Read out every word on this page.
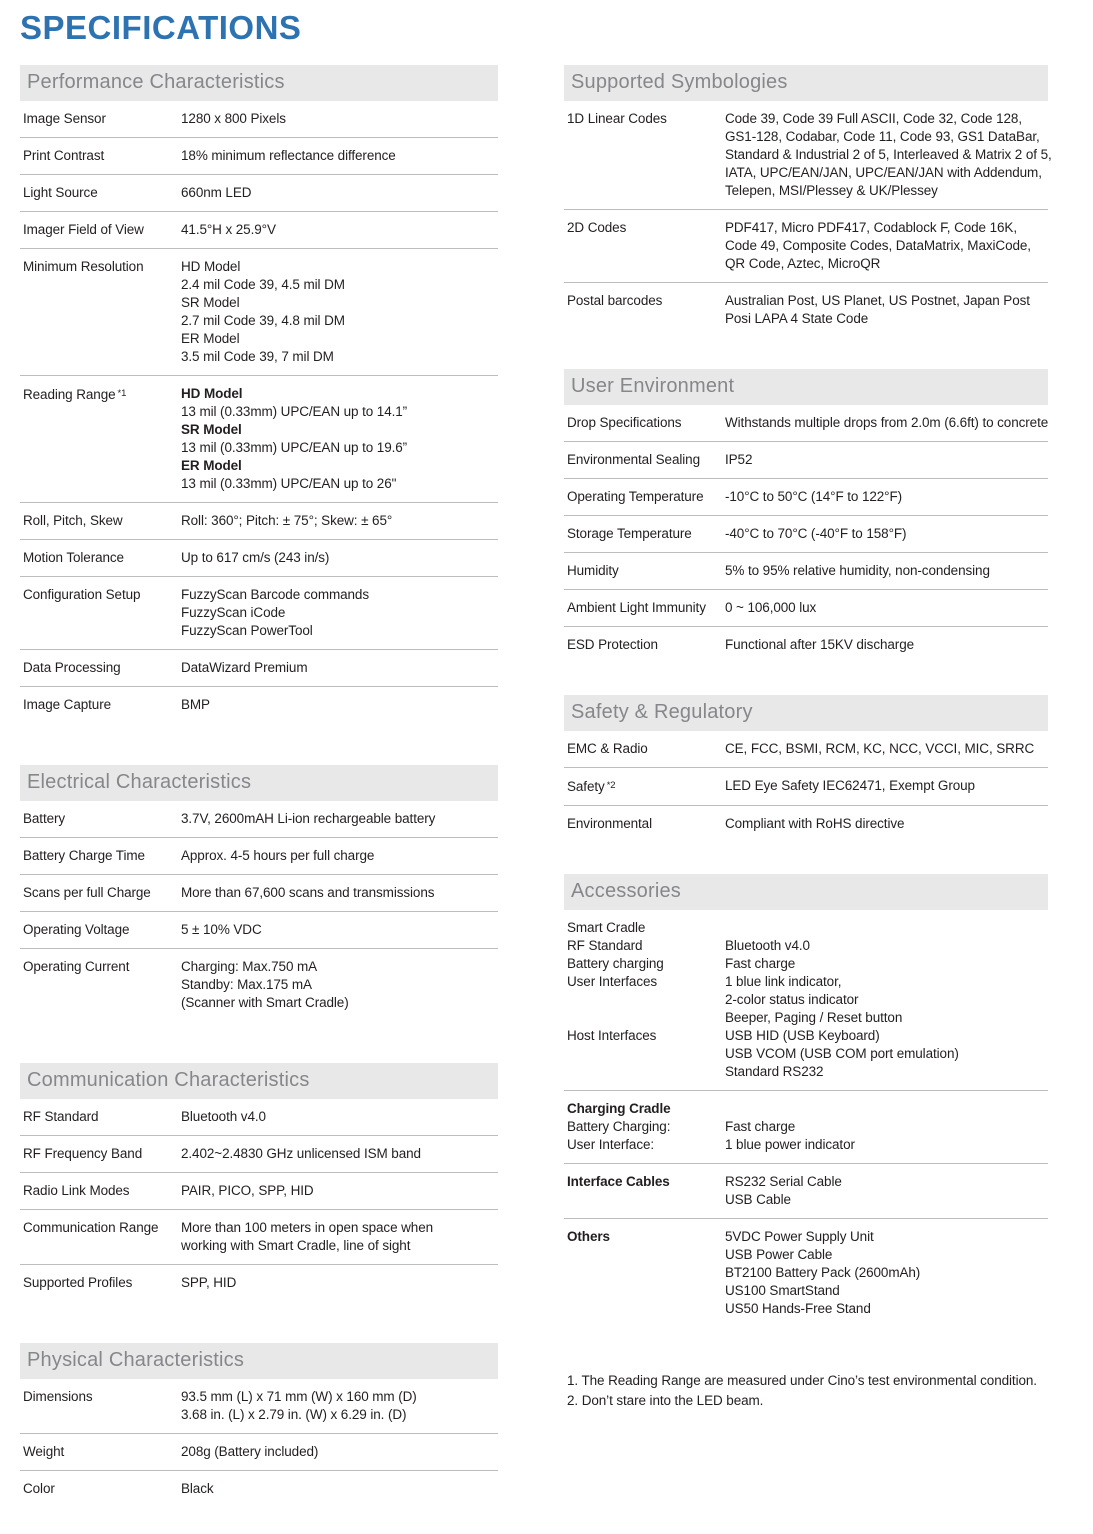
SPECIFICATIONS
Performance Characteristics
Image Sensor	1280 x 800 Pixels
Print Contrast	18% minimum reflectance difference
Light Source	660nm LED
Imager Field of View	41.5°H x 25.9°V
Minimum Resolution	HD Model
2.4 mil Code 39, 4.5 mil DM
SR Model
2.7 mil Code 39, 4.8 mil DM
ER Model
3.5 mil Code 39, 7 mil DM
Reading Range $^{*1}$	HD Model
13 mil (0.33mm) UPC/EAN up to 14.1”
SR Model
13 mil (0.33mm) UPC/EAN up to 19.6”
ER Model
13 mil (0.33mm) UPC/EAN up to 26"
Roll, Pitch, Skew	Roll: 360°; Pitch: ± 75°; Skew: ± 65°
Motion Tolerance	Up to 617 cm/s (243 in/s)
Configuration Setup	FuzzyScan Barcode commands
FuzzyScan iCode
FuzzyScan PowerTool
Data Processing	DataWizard Premium
Image Capture	BMP
Electrical Characteristics
Battery	3.7V, 2600mAH Li-ion rechargeable battery
Battery Charge Time	Approx. 4-5 hours per full charge
Scans per full Charge	More than 67,600 scans and transmissions
Operating Voltage	5 ± 10% VDC
Operating Current	Charging: Max.750 mA
Standby: Max.175 mA
(Scanner with Smart Cradle)
Communication Characteristics
RF Standard	Bluetooth v4.0
RF Frequency Band	2.402~2.4830 GHz unlicensed ISM band
Radio Link Modes	PAIR, PICO, SPP, HID
Communication Range	More than 100 meters in open space when
working with Smart Cradle, line of sight
Supported Profiles	SPP, HID
Physical Characteristics
Dimensions	93.5 mm (L) x 71 mm (W) x 160 mm (D)
3.68 in. (L) x 2.79 in. (W) x 6.29 in. (D)
Weight	208g (Battery included)
Color	Black
Supported Symbologies
1D Linear Codes	Code 39, Code 39 Full ASCII, Code 32, Code 128,
GS1-128, Codabar, Code 11, Code 93, GS1 DataBar,
Standard & Industrial 2 of 5, Interleaved & Matrix 2 of 5,
IATA, UPC/EAN/JAN, UPC/EAN/JAN with Addendum,
Telepen, MSI/Plessey & UK/Plessey
2D Codes	PDF417, Micro PDF417, Codablock F, Code 16K,
Code 49, Composite Codes, DataMatrix, MaxiCode,
QR Code, Aztec, MicroQR
Postal barcodes	Australian Post, US Planet, US Postnet, Japan Post
Posi LAPA 4 State Code
User Environment
Drop Specifications	Withstands multiple drops from 2.0m (6.6ft) to concrete
Environmental Sealing	IP52
Operating Temperature	-10°C to 50°C (14°F to 122°F)
Storage Temperature	-40°C to 70°C (-40°F to 158°F)
Humidity	5% to 95% relative humidity, non-condensing
Ambient Light Immunity	0 ~ 106,000 lux
ESD Protection	Functional after 15KV discharge
Safety & Regulatory
EMC & Radio	CE, FCC, BSMI, RCM, KC, NCC, VCCI, MIC, SRRC
Safety $^{*2}$	LED Eye Safety IEC62471, Exempt Group
Environmental	Compliant with RoHS directive
Accessories
Smart Cradle
RF Standard	Bluetooth v4.0
Battery charging	Fast charge
User Interfaces	1 blue link indicator,
2-color status indicator
Beeper, Paging / Reset button
Host Interfaces	USB HID (USB Keyboard)
USB VCOM (USB COM port emulation)
Standard RS232
Charging Cradle
Battery Charging:	Fast charge
User Interface:	1 blue power indicator
Interface Cables	RS232 Serial Cable
USB Cable
Others	5VDC Power Supply Unit
USB Power Cable
BT2100 Battery Pack (2600mAh)
US100 SmartStand
US50 Hands-Free Stand
1. The Reading Range are measured under Cino’s test environmental condition.
2. Don’t stare into the LED beam.
